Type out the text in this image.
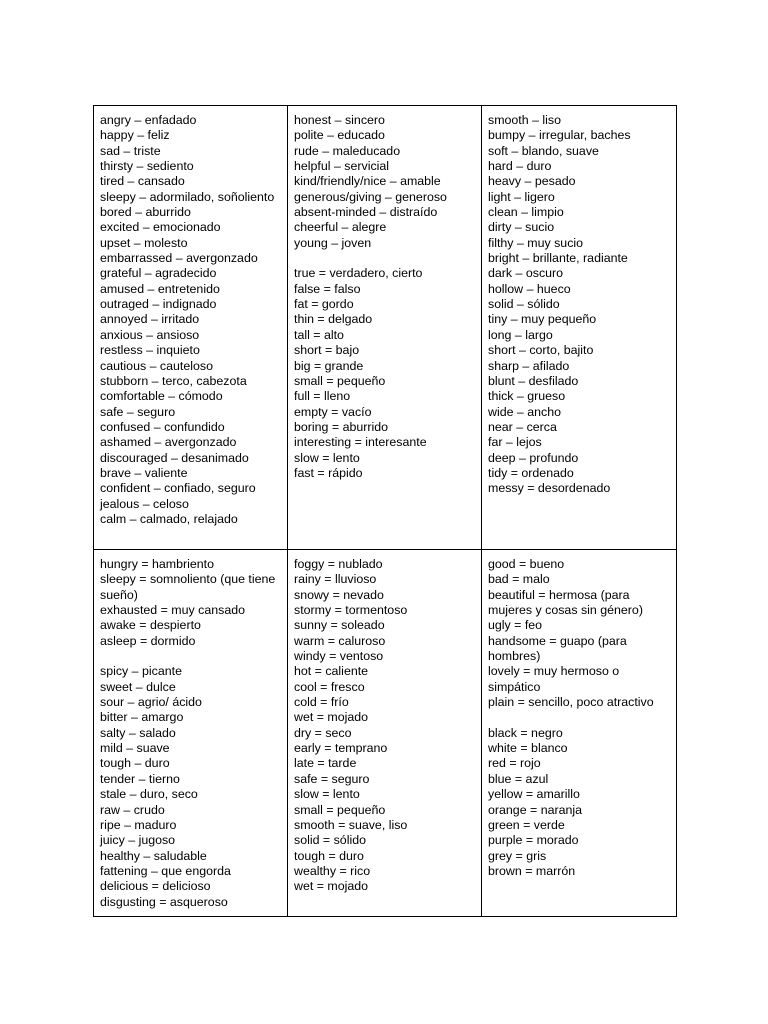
angry – enfadado
happy – feliz
sad – triste
thirsty – sediento
tired – cansado
sleepy – adormilado, soñoliento
bored – aburrido
excited – emocionado
upset – molesto
embarrassed – avergonzado
grateful – agradecido
amused – entretenido
outraged – indignado
annoyed – irritado
anxious – ansioso
restless – inquieto
cautious – cauteloso
stubborn – terco, cabezota
comfortable – cómodo
safe – seguro
confused – confundido
ashamed – avergonzado
discouraged – desanimado
brave – valiente
confident – confiado, seguro
jealous – celoso
calm – calmado, relajado
honest – sincero
polite – educado
rude – maleducado
helpful – servicial
kind/friendly/nice – amable
generous/giving – generoso
absent-minded – distraído
cheerful – alegre
young – joven
true = verdadero, cierto
false = falso
fat = gordo
thin = delgado
tall = alto
short = bajo
big = grande
small = pequeño
full = lleno
empty = vacío
boring = aburrido
interesting = interesante
slow = lento
fast = rápido
smooth – liso
bumpy – irregular, baches
soft – blando, suave
hard – duro
heavy – pesado
light – ligero
clean – limpio
dirty – sucio
filthy – muy sucio
bright – brillante, radiante
dark – oscuro
hollow – hueco
solid – sólido
tiny – muy pequeño
long – largo
short – corto, bajito
sharp – afilado
blunt – desfilado
thick – grueso
wide – ancho
near – cerca
far – lejos
deep – profundo
tidy = ordenado
messy = desordenado
hungry = hambriento
sleepy = somnoliento (que tiene sueño)
exhausted = muy cansado
awake = despierto
asleep = dormido
spicy – picante
sweet – dulce
sour – agrio/ ácido
bitter – amargo
salty – salado
mild – suave
tough – duro
tender – tierno
stale – duro, seco
raw – crudo
ripe – maduro
juicy – jugoso
healthy – saludable
fattening – que engorda
delicious = delicioso
disgusting = asqueroso
foggy = nublado
rainy = lluvioso
snowy = nevado
stormy = tormentoso
sunny = soleado
warm = caluroso
windy = ventoso
hot = caliente
cool = fresco
cold = frío
wet = mojado
dry = seco
early = temprano
late = tarde
safe = seguro
slow = lento
small = pequeño
smooth = suave, liso
solid = sólido
tough = duro
wealthy = rico
wet = mojado
good = bueno
bad = malo
beautiful = hermosa (para mujeres y cosas sin género)
ugly = feo
handsome = guapo (para hombres)
lovely = muy hermoso o simpático
plain = sencillo, poco atractivo
black = negro
white = blanco
red = rojo
blue = azul
yellow = amarillo
orange = naranja
green = verde
purple = morado
grey = gris
brown = marrón
